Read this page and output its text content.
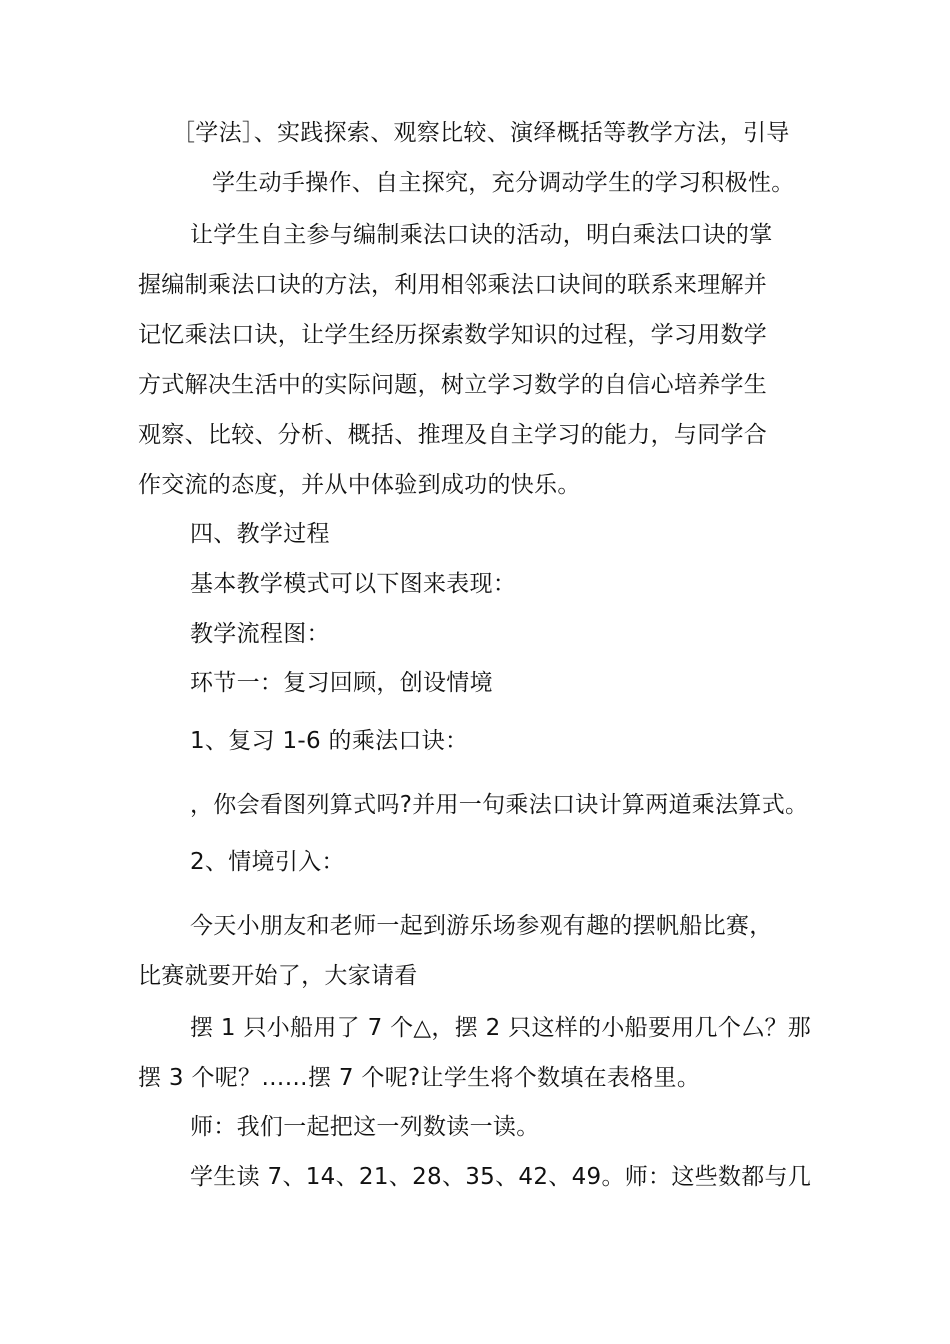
［学法］、实践探索、观察比较、演绎概括等教学方法，引导
学生动手操作、自主探究，充分调动学生的学习积极性。
让学生自主参与编制乘法口诀的活动，明白乘法口诀的掌
握编制乘法口诀的方法，利用相邻乘法口诀间的联系来理解并
记忆乘法口诀，让学生经历探索数学知识的过程，学习用数学
方式解决生活中的实际问题，树立学习数学的自信心培养学生
观察、比较、分析、概括、推理及自主学习的能力，与同学合
作交流的态度，并从中体验到成功的快乐。
四、教学过程
基本教学模式可以下图来表现：
教学流程图：
环节一：复习回顾，创设情境
1、复习 1-6 的乘法口诀：
，你会看图列算式吗?并用一句乘法口诀计算两道乘法算式。
2、情境引入：
今天小朋友和老师一起到游乐场参观有趣的摆帆船比赛，
比赛就要开始了，大家请看
摆 1 只小船用了 7 个△，摆 2 只这样的小船要用几个厶？那
摆 3 个呢？……摆 7 个呢?让学生将个数填在表格里。
师：我们一起把这一列数读一读。
学生读 7、14、21、28、35、42、49。师：这些数都与几
